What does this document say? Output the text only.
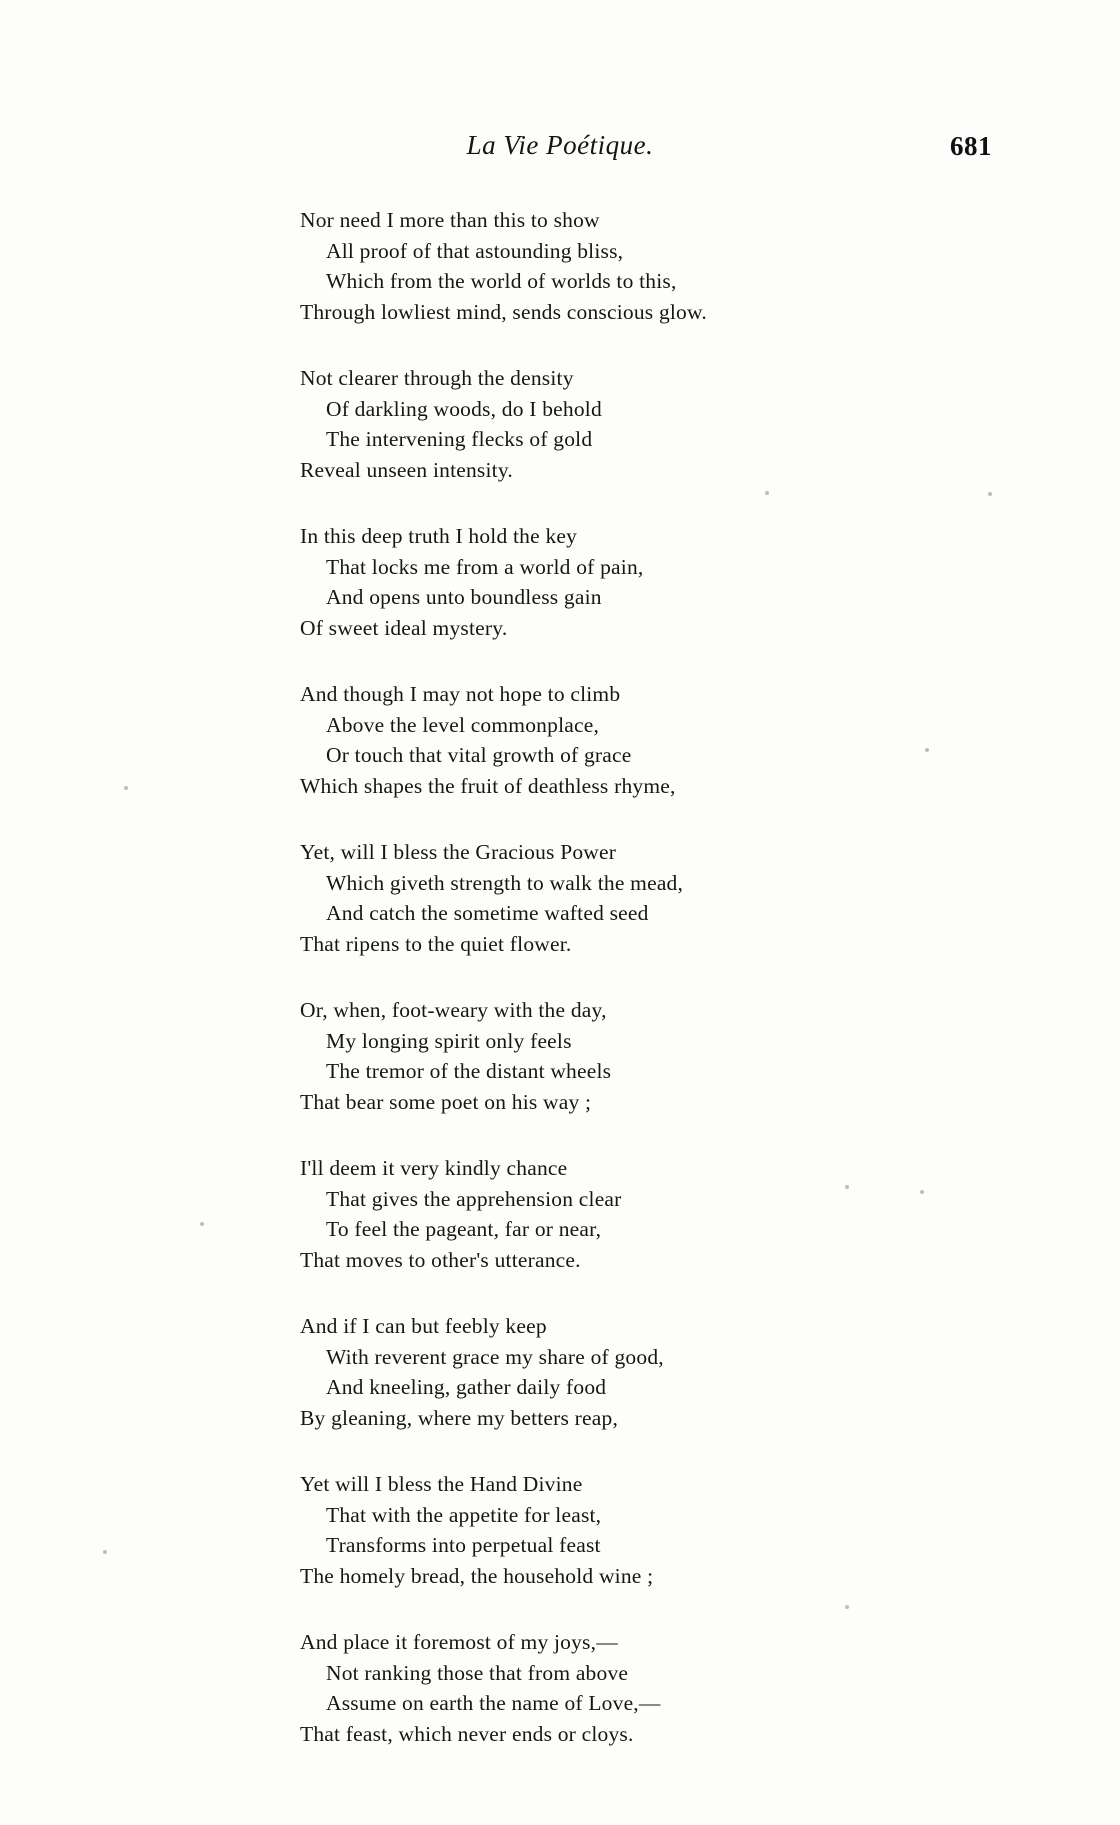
La Vie Poétique.	681
Nor need I more than this to show
All proof of that astounding bliss,
Which from the world of worlds to this,
Through lowliest mind, sends conscious glow.
Not clearer through the density
Of darkling woods, do I behold
The intervening flecks of gold
Reveal unseen intensity.
In this deep truth I hold the key
That locks me from a world of pain,
And opens unto boundless gain
Of sweet ideal mystery.
And though I may not hope to climb
Above the level commonplace,
Or touch that vital growth of grace
Which shapes the fruit of deathless rhyme,
Yet, will I bless the Gracious Power
Which giveth strength to walk the mead,
And catch the sometime wafted seed
That ripens to the quiet flower.
Or, when, foot-weary with the day,
My longing spirit only feels
The tremor of the distant wheels
That bear some poet on his way ;
I'll deem it very kindly chance
That gives the apprehension clear
To feel the pageant, far or near,
That moves to other's utterance.
And if I can but feebly keep
With reverent grace my share of good,
And kneeling, gather daily food
By gleaning, where my betters reap,
Yet will I bless the Hand Divine
That with the appetite for least,
Transforms into perpetual feast
The homely bread, the household wine ;
And place it foremost of my joys,—
Not ranking those that from above
Assume on earth the name of Love,—
That feast, which never ends or cloys.
